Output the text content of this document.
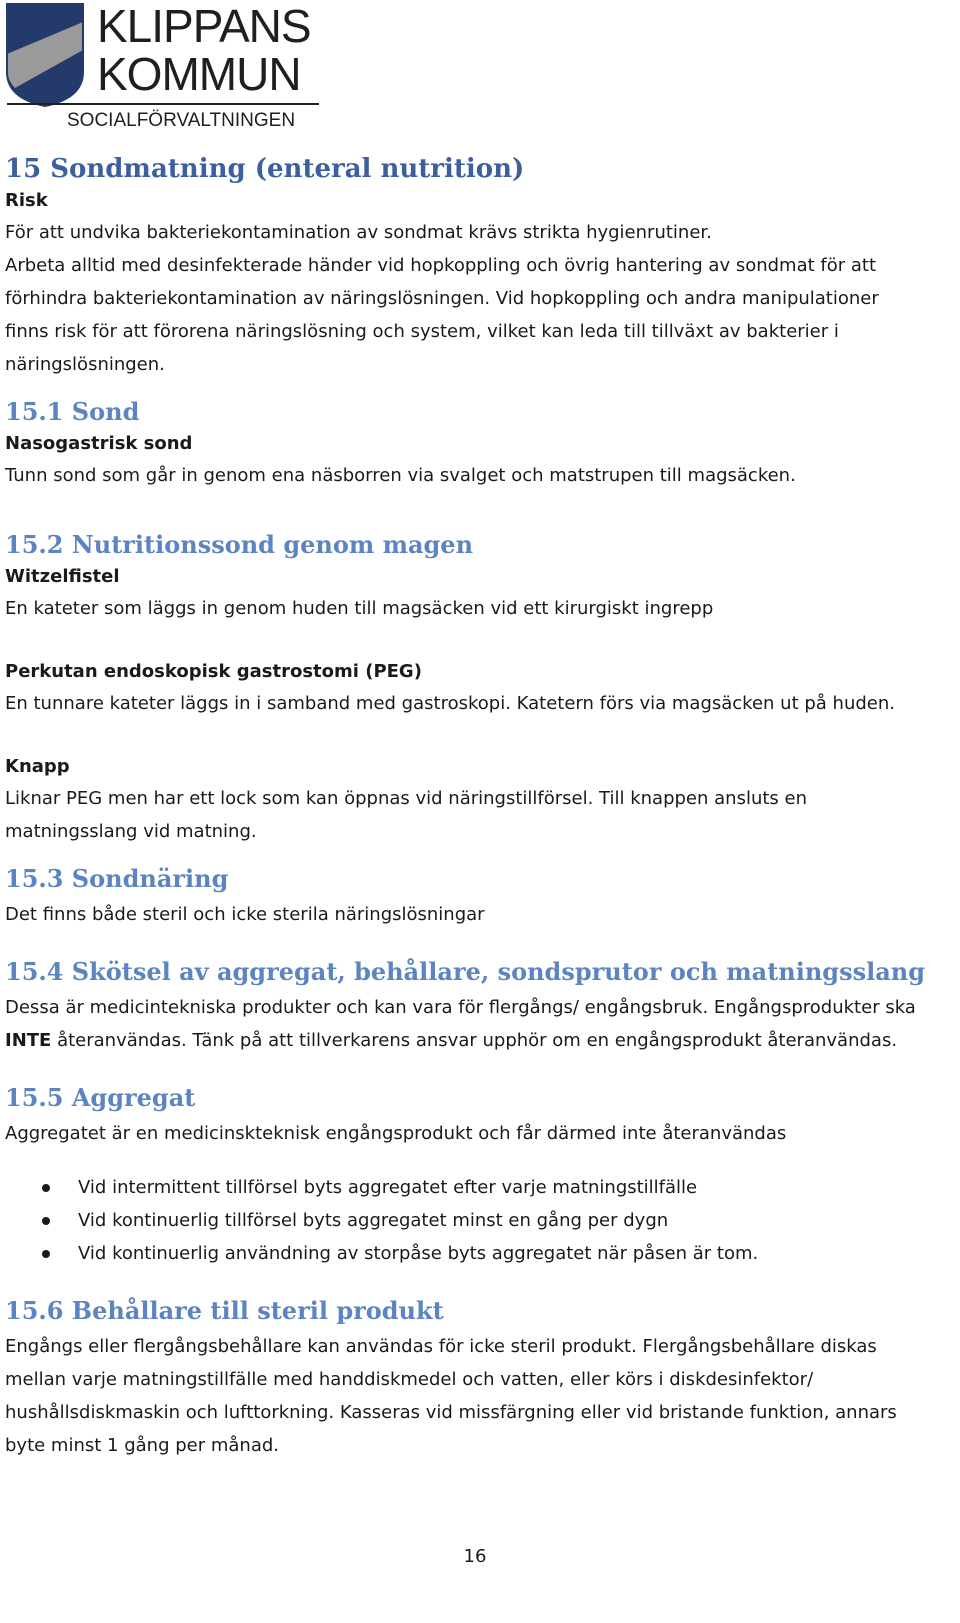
KLIPPANS
KOMMUN
SOCIALFÖRVALTNINGEN
15 Sondmatning (enteral nutrition)
Risk

För att undvika bakteriekontamination av sondmat krävs strikta hygienrutiner.

Arbeta alltid med desinfekterade händer vid hopkoppling och övrig hantering av sondmat för att

förhindra bakteriekontamination av näringslösningen. Vid hopkoppling och andra manipulationer

finns risk för att förorena näringslösning och system, vilket kan leda till tillväxt av bakterier i

näringslösningen.

15.1 Sond
Nasogastrisk sond

Tunn sond som går in genom ena näsborren via svalget och matstrupen till magsäcken.

15.2 Nutritionssond genom magen
Witzelfistel

En kateter som läggs in genom huden till magsäcken vid ett kirurgiskt ingrepp

Perkutan endoskopisk gastrostomi (PEG)

En tunnare kateter läggs in i samband med gastroskopi. Katetern förs via magsäcken ut på huden.

Knapp

Liknar PEG men har ett lock som kan öppnas vid näringstillförsel. Till knappen ansluts en

matningsslang vid matning.

15.3 Sondnäring

Det finns både steril och icke sterila näringslösningar

15.4 Skötsel av aggregat, behållare, sondsprutor och matningsslang

Dessa är medicintekniska produkter och kan vara för flergångs/ engångsbruk. Engångsprodukter ska

INTE återanvändas. Tänk på att tillverkarens ansvar upphör om en engångsprodukt återanvändas.

15.5 Aggregat

Aggregatet är en medicinskteknisk engångsprodukt och får därmed inte återanvändas

Vid intermittent tillförsel byts aggregatet efter varje matningstillfälle
Vid kontinuerlig tillförsel byts aggregatet minst en gång per dygn
Vid kontinuerlig användning av storpåse byts aggregatet när påsen är tom.
15.6 Behållare till steril produkt

Engångs eller flergångsbehållare kan användas för icke steril produkt. Flergångsbehållare diskas

mellan varje matningstillfälle med handdiskmedel och vatten, eller körs i diskdesinfektor/

hushållsdiskmaskin och lufttorkning. Kasseras vid missfärgning eller vid bristande funktion, annars

byte minst 1 gång per månad.

16
